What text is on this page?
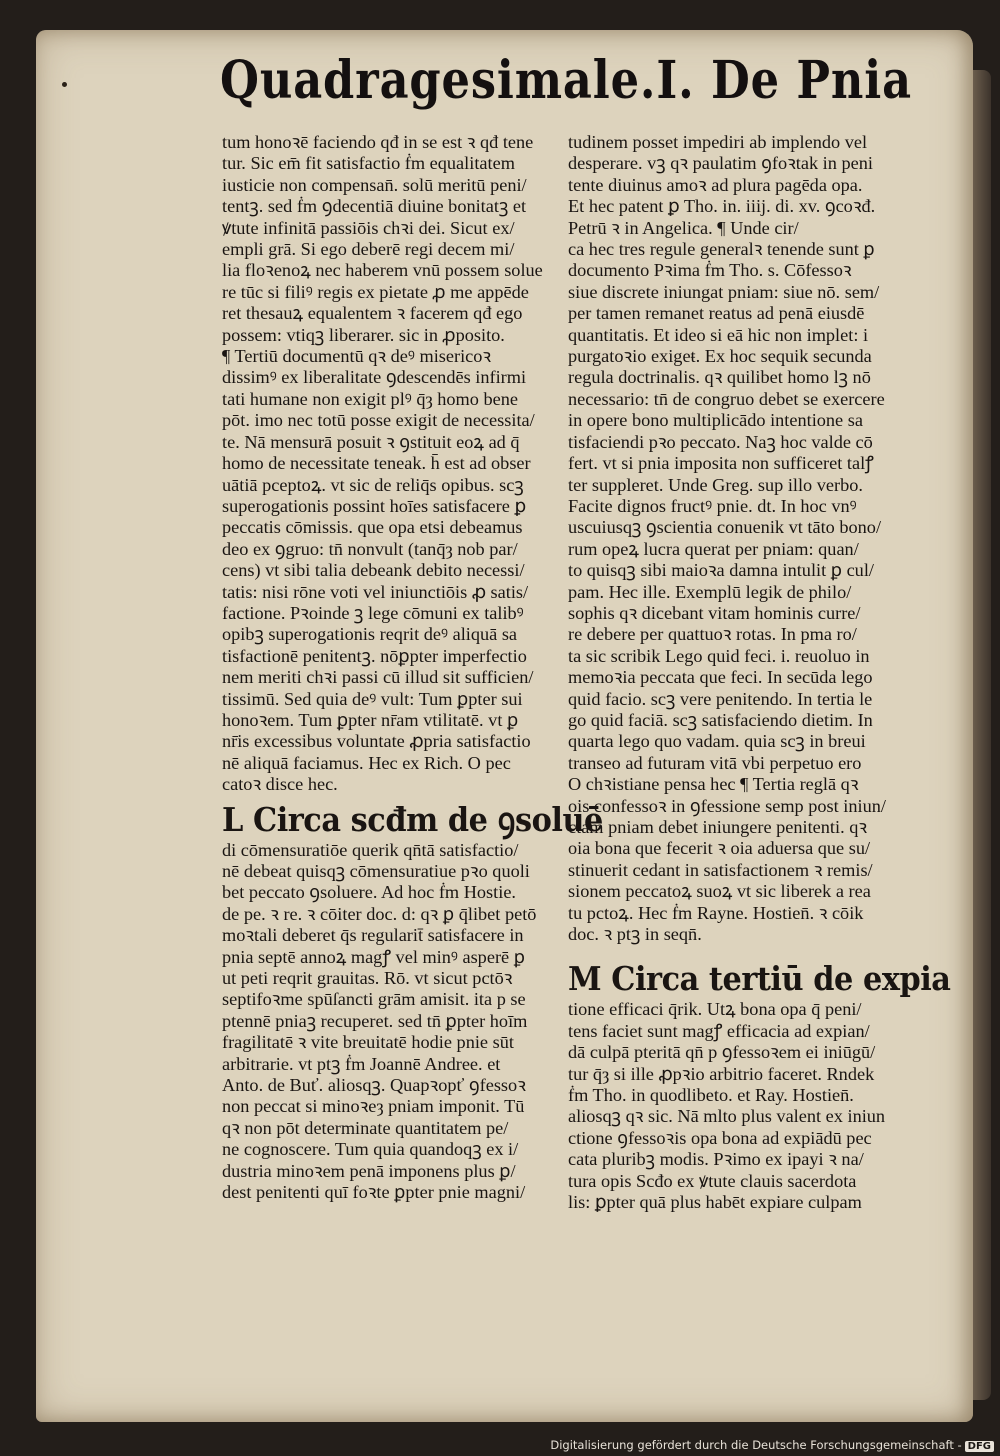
Quadragesimale.I. De Pnia
tum honoꝛē faciendo qđ in se est ꝛ qđ tene
tur. Sic em̄ fit satisfactio ḟm equalitatem
iusticie non compensan̄. solū meritū peni/
tentꝫ. sed ḟm ꝯdecentiā diuine bonitatꝫ et
ꝟtute infinitā passiōis chꝛi dei. Sicut ex/
empli grā. Si ego deberē regi decem mi/
lia floꝛenoꝝ nec haberem vnū possem solue
re tūc si filiꝰ regis ex pietate ꝓ me appēde
ret thesauꝝ equalentem ꝛ facerem qđ ego
possem: vtiqꝫ liberarer. sic in ꝓposito.
¶ Tertiū documentū qꝛ deꝰ misericoꝛ
dissimꝰ ex liberalitate ꝯdescendēs infirmi
tati humane non exigit plꝰ q̄ȝ homo bene
pōt. imo nec totū posse exigit de necessita/
te. Nā mensurā posuit ꝛ ꝯstituit eoꝝ ad q̄
homo de necessitate teneak. h̄ est ad obser
uātiā pceptoꝝ. vt sic de reliq̄s opibus. scꝫ
superogationis possint hoīes satisfacere ꝑ
peccatis cōmissis. que opa etsi debeamus
deo ex ꝯgruo: tn̄ nonvult (tanq̄ȝ nob par/
cens) vt sibi talia debeank debito necessi/
tatis: nisi rōne voti vel iniunctiōis ꝓ satis/
factione. Pꝛoinde ꝫ lege cōmuni ex talibꝰ
opibꝫ superogationis reqrit deꝰ aliquā sa
tisfactionē penitentꝫ. nōꝑpter imperfectio
nem meriti chꝛi passi cū illud sit sufficien/
tissimū. Sed quia deꝰ vult: Tum ꝑpter sui
honoꝛem. Tum ꝑpter nr̄am vtilitatē. vt ꝑ
nr̄is excessibus voluntate ꝓpria satisfactio
nē aliquā faciamus. Hec ex Rich. O pec
catoꝛ disce hec.
L Circa scđm de ꝯsoluē
di cōmensuratiōe querik qn̄tā satisfactio/
nē debeat quisqꝫ cōmensuratiue pꝛo quoli
bet peccato ꝯsoluere. Ad hoc ḟm Hostie.
de pe. ꝛ re. ꝛ cōiter doc. d: qꝛ ꝑ q̄libet petō
moꝛtali deberet q̄s regularit̄ satisfacere in
pnia septē annoꝝ magꝭ vel minꝰ asperē ꝑ
ut peti reqrit grauitas. Rō. vt sicut pctōꝛ
septifoꝛme spūſancti grām amisit. ita p se
ptennē pniaꝫ recuperet. sed tn̄ ꝑpter hoīm
fragilitatē ꝛ vite breuitatē hodie pnie sūt
arbitrarie. vt ptꝫ ḟm Joannē Andree. et
Anto. de Buť. aliosqꝫ. Quapꝛopť ꝯfessoꝛ
non peccat si minoꝛeȝ pniam imponit. Tū
qꝛ non pōt determinate quantitatem pe/
ne cognoscere. Tum quia quandoqꝫ ex i/
dustria minoꝛem penā imponens plus ꝑ/
dest penitenti quī foꝛte ꝑpter pnie magni/
tudinem posset impediri ab implendo vel
desperare. vꝫ qꝛ paulatim ꝯfoꝛtak in peni
tente diuinus amoꝛ ad plura pagēda opa.
Et hec patent ꝑ Tho. in. iiij. di. xv. ꝯcoꝛđ.
Petrū ꝛ in Angelica. ¶ Unde cir/
ca hec tres regule generalꝛ tenende sunt ꝑ
documento Pꝛima ḟm Tho. s. Cōfessoꝛ
siue discrete iniungat pniam: siue nō. sem/
per tamen remanet reatus ad penā eiusdē
quantitatis. Et ideo si eā hic non implet: i
purgatoꝛio exigeŧ. Ex hoc sequik secunda
regula doctrinalis. qꝛ quilibet homo lꝫ nō
necessario: tn̄ de congruo debet se exercere
in opere bono multiplicādo intentione sa
tisfaciendi pꝛo peccato. Naꝫ hoc valde cō
fert. vt si pnia imposita non sufficeret talꝭ
ter suppleret. Unde Greg. sup illo verbo.
Facite dignos fructꝰ pnie. dt. In hoc vnꝰ
uscuiusqꝫ ꝯscientia conuenik vt tāto bono/
rum opeꝝ lucra querat per pniam: quan/
to quisqꝫ sibi maioꝛa damna intulit ꝑ cul/
pam. Hec ille. Exemplū legik de philo/
sophis qꝛ dicebant vitam hominis curre/
re debere per quattuoꝛ rotas. In pma ro/
ta sic scribik Lego quid feci. i. reuoluo in
memoꝛia peccata que feci. In secūda lego
quid facio. scꝫ vere penitendo. In tertia le
go quid faciā. scꝫ satisfaciendo dietim. In
quarta lego quo vadam. quia scꝫ in breui
transeo ad futuram vitā vbi perpetuo ero
O chꝛistiane pensa hec ¶ Tertia reglā qꝛ
ois confessoꝛ in ꝯfessione semp post iniun/
ctam pniam debet iniungere penitenti. qꝛ
oia bona que fecerit ꝛ oia aduersa que su/
stinuerit cedant in satisfactionem ꝛ remis/
sionem peccatoꝝ suoꝝ vt sic liberek a rea
tu pctoꝝ. Hec ḟm Rayne. Hostien̄. ꝛ cōik
doc. ꝛ ptꝫ in seqn̄.
M Circa tertiū de expia
tione efficaci q̄rik. Utꝝ bona opa q̄ peni/
tens faciet sunt magꝭ efficacia ad expian/
dā culpā pteritā qn̄ p ꝯfessoꝛem ei iniūgū/
tur q̄ȝ si ille ꝓpꝛio arbitrio faceret. Rndek
ḟm Tho. in quodlibeto. et Ray. Hostien̄.
aliosqꝫ qꝛ sic. Nā mlto plus valent ex iniun
ctione ꝯfessoꝛis opa bona ad expiādū pec
cata pluribꝫ modis. Pꝛimo ex ipayi ꝛ na/
tura opis Scđo ex ꝟtute clauis sacerdota
lis: ꝑpter quā plus habēt expiare culpam
Digitalisierung gefördert durch die Deutsche Forschungsgemeinschaft - DFG
